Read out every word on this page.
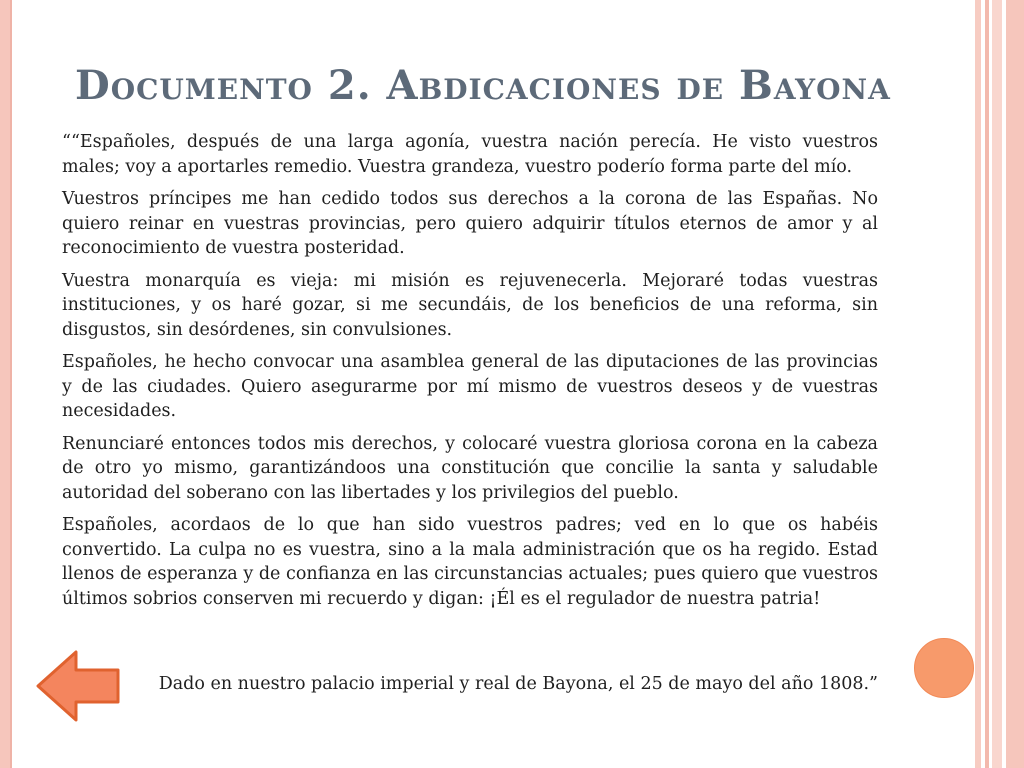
Documento 2. Abdicaciones de Bayona

““Españoles, después de una larga agonía, vuestra nación perecía. He visto vuestros males; voy a aportarles remedio. Vuestra grandeza, vuestro poderío forma parte del mío.

Vuestros príncipes me han cedido todos sus derechos a la corona de las Españas. No quiero reinar en vuestras provincias, pero quiero adquirir títulos eternos de amor y al reconocimiento de vuestra posteridad.

Vuestra monarquía es vieja: mi misión es rejuvenecerla. Mejoraré todas vuestras instituciones, y os haré gozar, si me secundáis, de los beneficios de una reforma, sin disgustos, sin desórdenes, sin convulsiones.

Españoles, he hecho convocar una asamblea general de las diputaciones de las provincias y de las ciudades. Quiero asegurarme por mí mismo de vuestros deseos y de vuestras necesidades.

Renunciaré entonces todos mis derechos, y colocaré vuestra gloriosa corona en la cabeza de otro yo mismo, garantizándoos una constitución que concilie la santa y saludable autoridad del soberano con las libertades y los privilegios del pueblo.

Españoles, acordaos de lo que han sido vuestros padres; ved en lo que os habéis convertido. La culpa no es vuestra, sino a la mala administración que os ha regido. Estad llenos de esperanza y de confianza en las circunstancias actuales; pues quiero que vuestros últimos sobrios conserven mi recuerdo y digan: ¡Él es el regulador de nuestra patria!

Dado en nuestro palacio imperial y real de Bayona, el 25 de mayo del año 1808.”
